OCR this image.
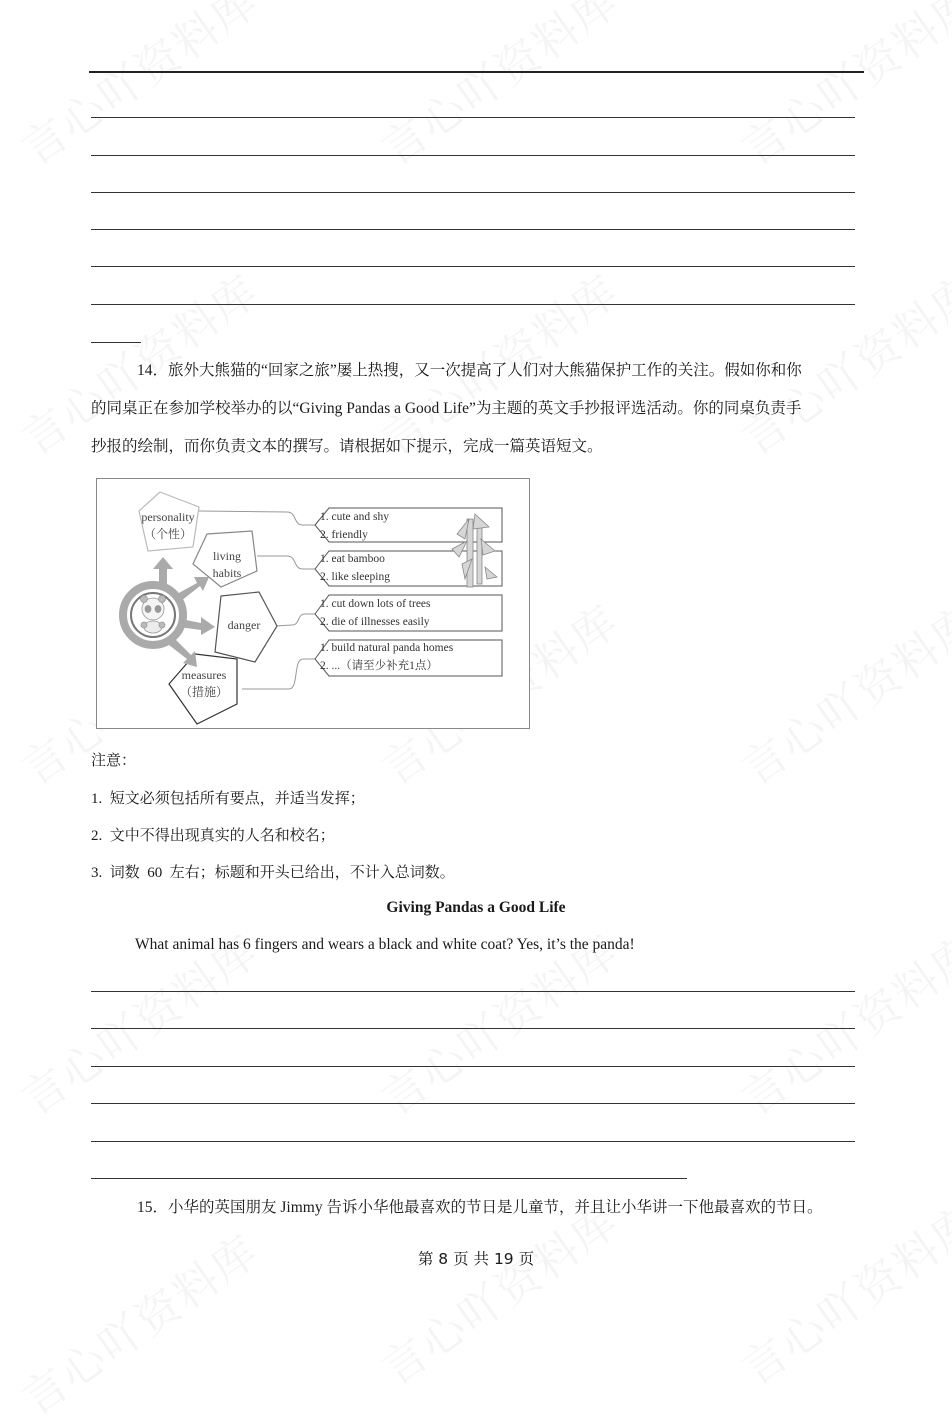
14．旅外大熊猫的“回家之旅”屡上热搜，又一次提高了人们对大熊猫保护工作的关注。假如你和你
的同桌正在参加学校举办的以“Giving Pandas a Good Life”为主题的英文手抄报评选活动。你的同桌负责手
抄报的绘制，而你负责文本的撰写。请根据如下提示，完成一篇英语短文。
personality
（个性）
living
habits
danger
measures
（措施）
1. cute and shy
2. friendly
1. eat bamboo
2. like sleeping
1. cut down lots of trees
2. die of illnesses easily
1. build natural panda homes
2. ...（请至少补充1点）
注意：
1.  短文必须包括所有要点，并适当发挥；
2.  文中不得出现真实的人名和校名；
3.  词数  60  左右；标题和开头已给出，不计入总词数。
Giving Pandas a Good Life
What animal has 6 fingers and wears a black and white coat? Yes, it’s the panda!
15．小华的英国朋友 Jimmy 告诉小华他最喜欢的节日是儿童节，并且让小华讲一下他最喜欢的节日。
第 8 页 共 19 页
